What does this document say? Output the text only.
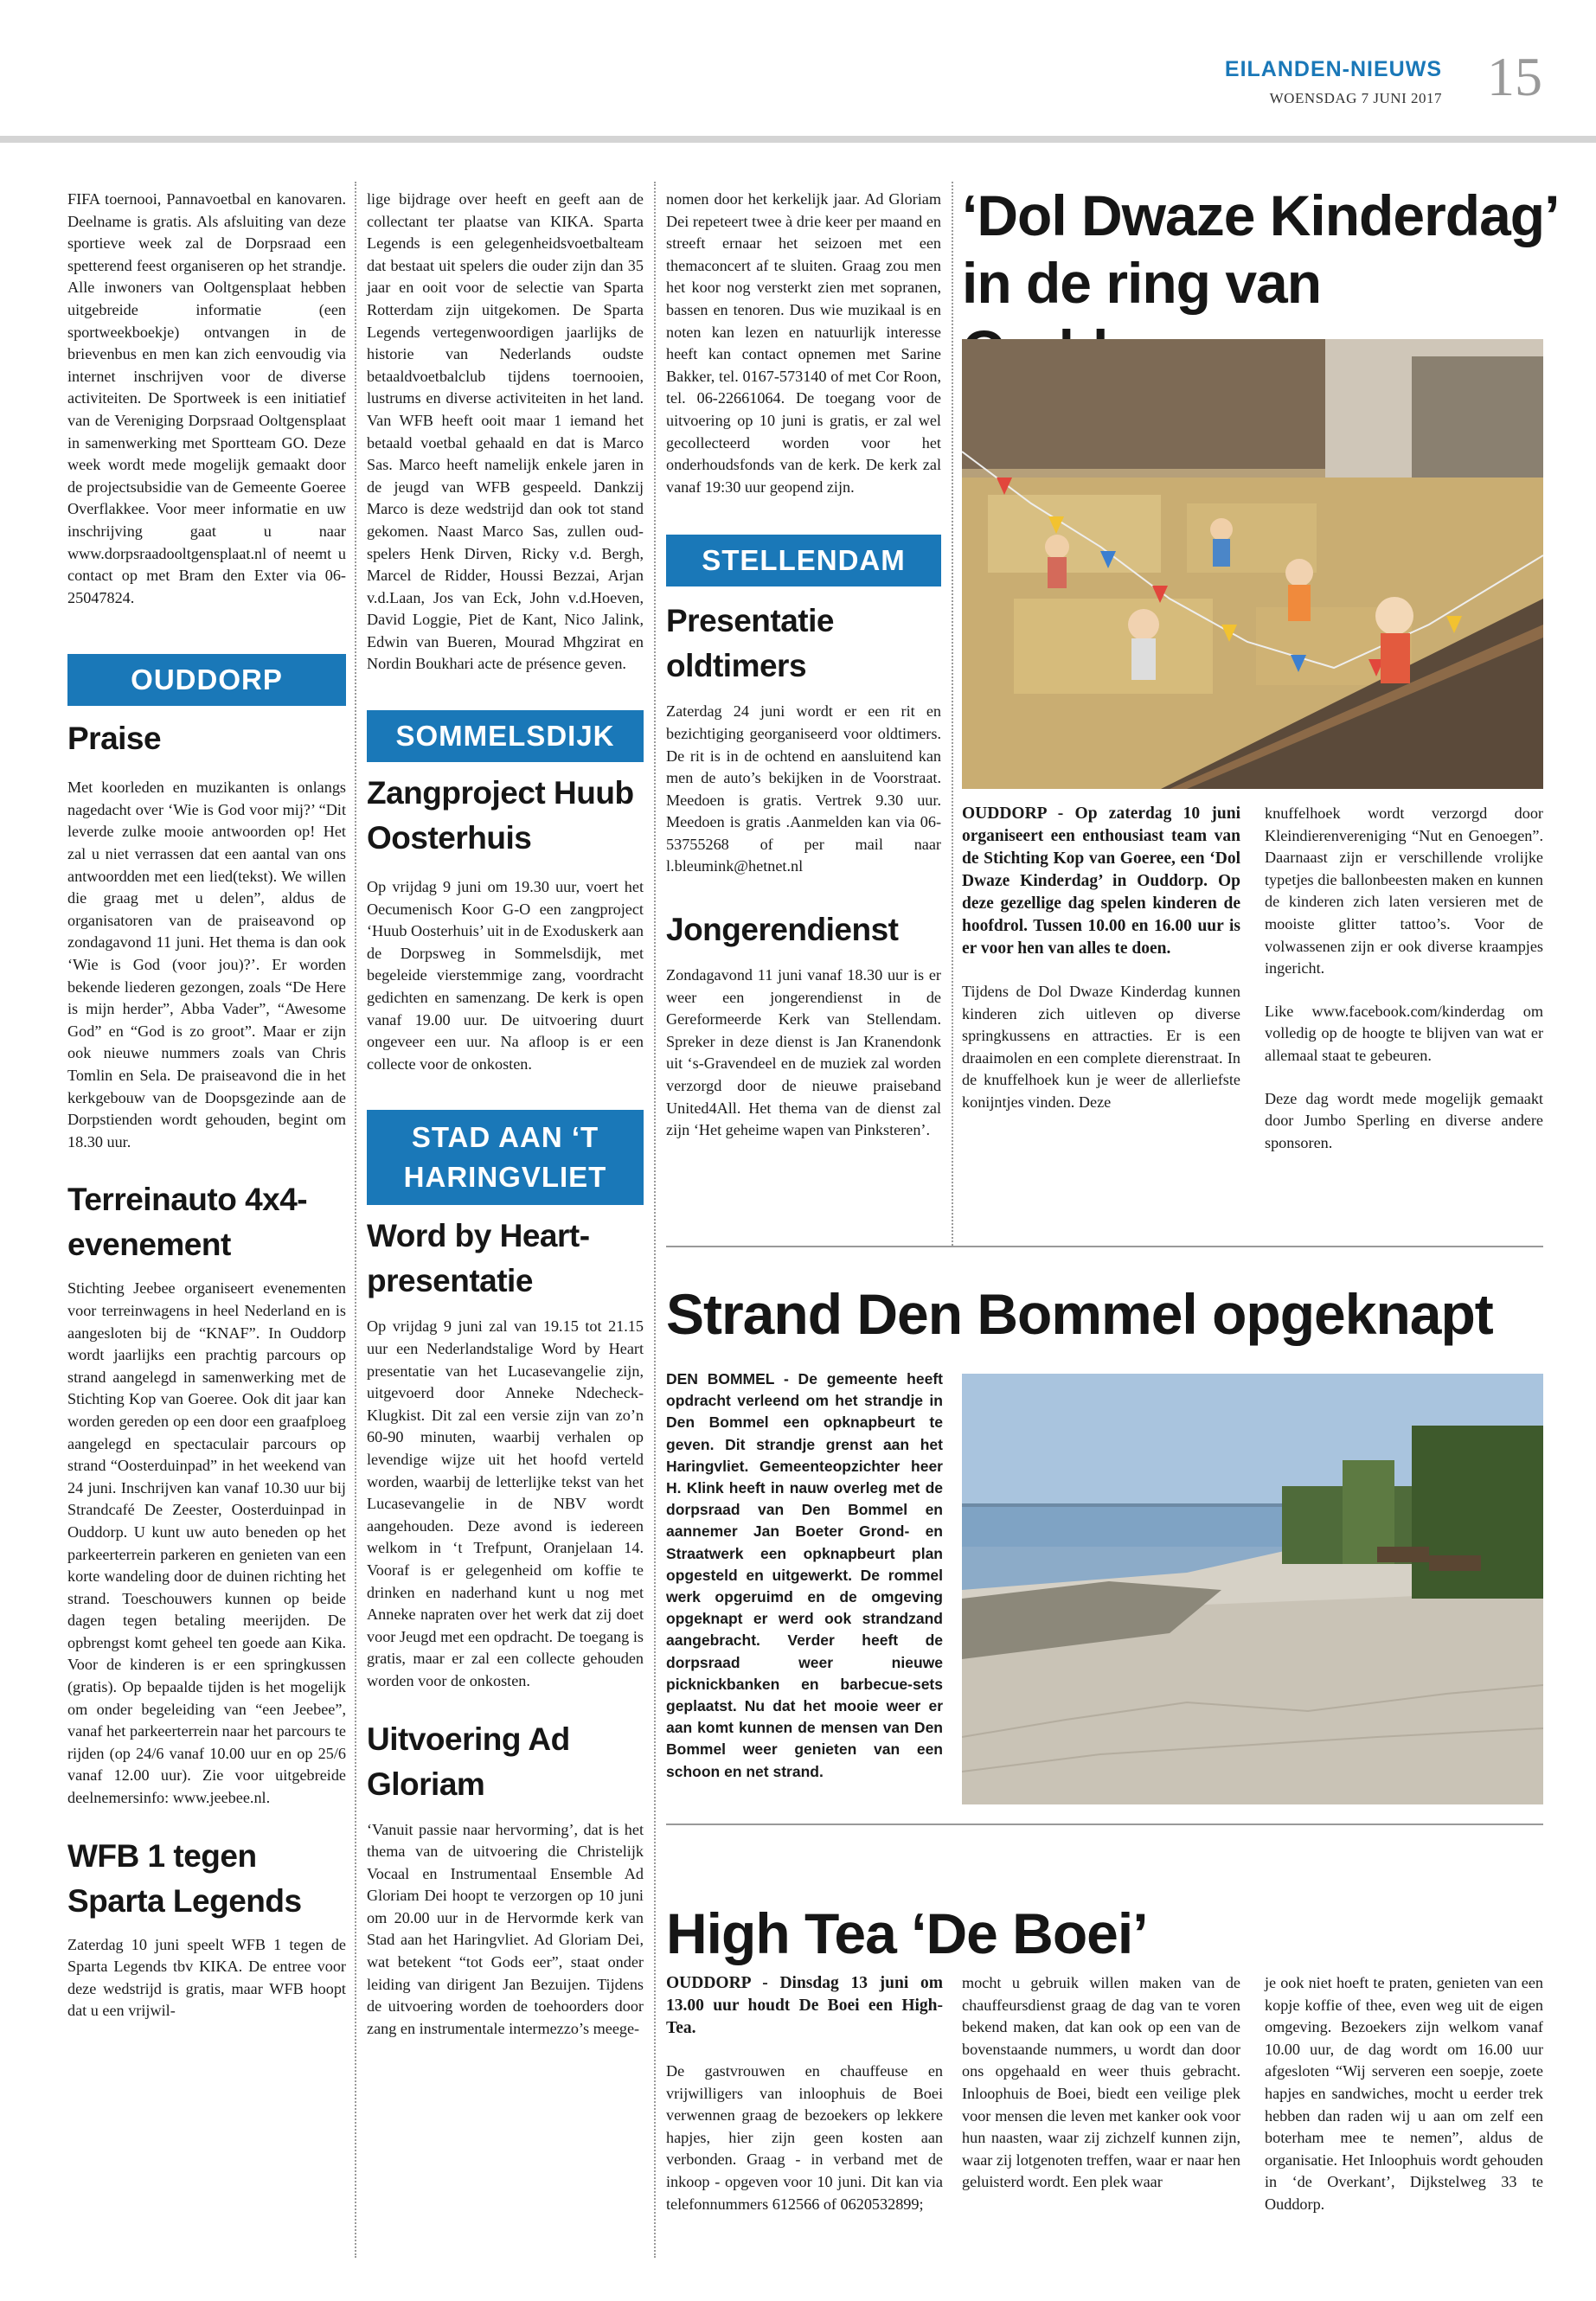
EILANDEN-NIEUWS
WOENSDAG 7 JUNI 2017 15

FIFA toernooi, Pannavoetbal en kanovaren. Deelname is gratis. Als afsluiting van deze sportieve week zal de Dorpsraad een spetterend feest organiseren op het strandje. Alle inwoners van Ooltgensplaat hebben uitgebreide informatie (een sportweekboekje) ontvangen in de brievenbus en men kan zich eenvoudig via internet inschrijven voor de diverse activiteiten. De Sportweek is een initiatief van de Vereniging Dorpsraad Ooltgensplaat in samenwerking met Sportteam GO. Deze week wordt mede mogelijk gemaakt door de projectsubsidie van de Gemeente Goeree Overflakkee. Voor meer informatie en uw inschrijving gaat u naar www.dorpsraadooltgensplaat.nl of neemt u contact op met Bram den Exter via 06-25047824.

OUDDORP
Praise

Met koorleden en muzikanten is onlangs nagedacht over ‘Wie is God voor mij?’ “Dit leverde zulke mooie antwoorden op! Het zal u niet verrassen dat een aantal van ons antwoordden met een lied(tekst). We willen die graag met u delen”, aldus de organisatoren van de praiseavond op zondagavond 11 juni. Het thema is dan ook ‘Wie is God (voor jou)?’. Er worden bekende liederen gezongen, zoals “De Here is mijn herder”, Abba Vader”, “Awesome God” en “God is zo groot”. Maar er zijn ook nieuwe nummers zoals van Chris Tomlin en Sela. De praiseavond die in het kerkgebouw van de Doopsgezinde aan de Dorpstienden wordt gehouden, begint om 18.30 uur.

Terreinauto 4x4-evenement

Stichting Jeebee organiseert evenementen voor terreinwagens in heel Nederland en is aangesloten bij de “KNAF”. In Ouddorp wordt jaarlijks een prachtig parcours op strand aangelegd in samenwerking met de Stichting Kop van Goeree. Ook dit jaar kan worden gereden op een door een graafploeg aangelegd en spectaculair parcours op strand “Oosterduinpad” in het weekend van 24 juni. Inschrijven kan vanaf 10.30 uur bij Strandcafé De Zeester, Oosterduinpad in Ouddorp. U kunt uw auto beneden op het parkeerterrein parkeren en genieten van een korte wandeling door de duinen richting het strand. Toeschouwers kunnen op beide dagen tegen betaling meerijden. De opbrengst komt geheel ten goede aan Kika. Voor de kinderen is er een springkussen (gratis). Op bepaalde tijden is het mogelijk om onder begeleiding van “een Jeebee”, vanaf het parkeerterrein naar het parcours te rijden (op 24/6 vanaf 10.00 uur en op 25/6 vanaf 12.00 uur). Zie voor uitgebreide deelnemersinfo: www.jeebee.nl.

WFB 1 tegen Sparta Legends

Zaterdag 10 juni speelt WFB 1 tegen de Sparta Legends tbv KIKA. De entree voor deze wedstrijd is gratis, maar WFB hoopt dat u een vrijwil-

lige bijdrage over heeft en geeft aan de collectant ter plaatse van KIKA. Sparta Legends is een gelegenheidsvoetbalteam dat bestaat uit spelers die ouder zijn dan 35 jaar en ooit voor de selectie van Sparta Rotterdam zijn uitgekomen. De Sparta Legends vertegenwoordigen jaarlijks de historie van Nederlands oudste betaaldvoetbalclub tijdens toernooien, lustrums en diverse activiteiten in het land. Van WFB heeft ooit maar 1 iemand het betaald voetbal gehaald en dat is Marco Sas. Marco heeft namelijk enkele jaren in de jeugd van WFB gespeeld. Dankzij Marco is deze wedstrijd dan ook tot stand gekomen. Naast Marco Sas, zullen oud-spelers Henk Dirven, Ricky v.d. Bergh, Marcel de Ridder, Houssi Bezzai, Arjan v.d.Laan, Jos van Eck, John v.d.Hoeven, David Loggie, Piet de Kant, Nico Jalink, Edwin van Bueren, Mourad Mhgzirat en Nordin Boukhari acte de présence geven.

SOMMELSDIJK
Zangproject Huub Oosterhuis

Op vrijdag 9 juni om 19.30 uur, voert het Oecumenisch Koor G-O een zangproject ‘Huub Oosterhuis’ uit in de Exoduskerk aan de Dorpsweg in Sommelsdijk, met begeleide vierstemmige zang, voordracht gedichten en samenzang. De kerk is open vanaf 19.00 uur. De uitvoering duurt ongeveer een uur. Na afloop is er een collecte voor de onkosten.

STAD AAN ‘T HARINGVLIET
Word by Heart-presentatie

Op vrijdag 9 juni zal van 19.15 tot 21.15 uur een Nederlandstalige Word by Heart presentatie van het Lucasevangelie zijn, uitgevoerd door Anneke Ndecheck-Klugkist. Dit zal een versie zijn van zo’n 60-90 minuten, waarbij verhalen op levendige wijze uit het hoofd verteld worden, waarbij de letterlijke tekst van het Lucasevangelie in de NBV wordt aangehouden. Deze avond is iedereen welkom in ‘t Trefpunt, Oranjelaan 14. Vooraf is er gelegenheid om koffie te drinken en naderhand kunt u nog met Anneke napraten over het werk dat zij doet voor Jeugd met een opdracht. De toegang is gratis, maar er zal een collecte gehouden worden voor de onkosten.

Uitvoering Ad Gloriam

‘Vanuit passie naar hervorming’, dat is het thema van de uitvoering die Christelijk Vocaal en Instrumentaal Ensemble Ad Gloriam Dei hoopt te verzorgen op 10 juni om 20.00 uur in de Hervormde kerk van Stad aan het Haringvliet. Ad Gloriam Dei, wat betekent “tot Gods eer”, staat onder leiding van dirigent Jan Bezuijen. Tijdens de uitvoering worden de toehoorders door zang en instrumentale intermezzo’s meege-

nomen door het kerkelijk jaar. Ad Gloriam Dei repeteert twee à drie keer per maand en streeft ernaar het seizoen met een themaconcert af te sluiten. Graag zou men het koor nog versterkt zien met sopranen, bassen en tenoren. Dus wie muzikaal is en noten kan lezen en natuurlijk interesse heeft kan contact opnemen met Sarine Bakker, tel. 0167-573140 of met Cor Roon, tel. 06-22661064. De toegang voor de uitvoering op 10 juni is gratis, er zal wel gecollecteerd worden voor het onderhoudsfonds van de kerk. De kerk zal vanaf 19:30 uur geopend zijn.

STELLENDAM
Presentatie oldtimers

Zaterdag 24 juni wordt er een rit en bezichtiging georganiseerd voor oldtimers. De rit is in de ochtend en aansluitend kan men de auto’s bekijken in de Voorstraat. Meedoen is gratis. Vertrek 9.30 uur. Meedoen is gratis .Aanmelden kan via 06-53755268 of per mail naar l.bleumink@hetnet.nl

Jongerendienst

Zondagavond 11 juni vanaf 18.30 uur is er weer een jongerendienst in de Gereformeerde Kerk van Stellendam. Spreker in deze dienst is Jan Kranendonk uit ‘s-Gravendeel en de muziek zal worden verzorgd door de nieuwe praiseband United4All. Het thema van de dienst zal zijn ‘Het geheime wapen van Pinksteren’.

‘Dol Dwaze Kinderdag’ in de ring van

OUDDORP - Op zaterdag 10 juni organiseert een enthousiast team van de Stichting Kop van Goeree, een ‘Dol Dwaze Kinderdag’ in Ouddorp. Op deze gezellige dag spelen kinderen de hoofdrol. Tussen 10.00 en 16.00 uur is er voor hen van alles te doen.

Tijdens de Dol Dwaze Kinderdag kunnen kinderen zich uitleven op diverse springkussens en attracties. Er is een draaimolen en een complete dierenstraat. In de knuffelhoek kun je weer de allerliefste konijntjes vinden. Deze

knuffelhoek wordt verzorgd door Kleindierenvereniging “Nut en Genoegen”. Daarnaast zijn er verschillende vrolijke typetjes die ballonbeesten maken en kunnen de kinderen zich laten versieren met de mooiste glitter tattoo’s. Voor de volwassenen zijn er ook diverse kraampjes ingericht.

Like www.facebook.com/kinderdag om volledig op de hoogte te blijven van wat er allemaal staat te gebeuren.

Deze dag wordt mede mogelijk gemaakt door Jumbo Sperling en diverse andere sponsoren.

Strand Den Bommel opgeknapt

DEN BOMMEL - De gemeente heeft opdracht verleend om het strandje in Den Bommel een opknapbeurt te geven. Dit strandje grenst aan het Haringvliet. Gemeenteopzichter heer H. Klink heeft in nauw overleg met de dorpsraad van Den Bommel en aannemer Jan Boeter Grond- en Straatwerk een opknapbeurt plan opgesteld en uitgewerkt. De rommel werk opgeruimd en de omgeving opgeknapt er werd ook strandzand aangebracht. Verder heeft de dorpsraad weer nieuwe picknickbanken en barbecue-sets geplaatst. Nu dat het mooie weer er aan komt kunnen de mensen van Den Bommel weer genieten van een schoon en net strand.

High Tea ‘De Boei’

OUDDORP - Dinsdag 13 juni om 13.00 uur houdt De Boei een High-Tea.

De gastvrouwen en chauffeuse en vrijwilligers van inloophuis de Boei verwennen graag de bezoekers op lekkere hapjes, hier zijn geen kosten aan verbonden. Graag - in verband met de inkoop - opgeven voor 10 juni. Dit kan via telefonnummers 612566 of 0620532899;

mocht u gebruik willen maken van de chauffeursdienst graag de dag van te voren bekend maken, dat kan ook op een van de bovenstaande nummers, u wordt dan door ons opgehaald en weer thuis gebracht. Inloophuis de Boei, biedt een veilige plek voor mensen die leven met kanker ook voor hun naasten, waar zij zichzelf kunnen zijn, waar zij lotgenoten treffen, waar er naar hen geluisterd wordt. Een plek waar

je ook niet hoeft te praten, genieten van een kopje koffie of thee, even weg uit de eigen omgeving. Bezoekers zijn welkom vanaf 10.00 uur, de dag wordt om 16.00 uur afgesloten “Wij serveren een soepje, zoete hapjes en sandwiches, mocht u eerder trek hebben dan raden wij u aan om zelf een boterham mee te nemen”, aldus de organisatie. Het Inloophuis wordt gehouden in ‘de Overkant’, Dijkstelweg 33 te Ouddorp.
